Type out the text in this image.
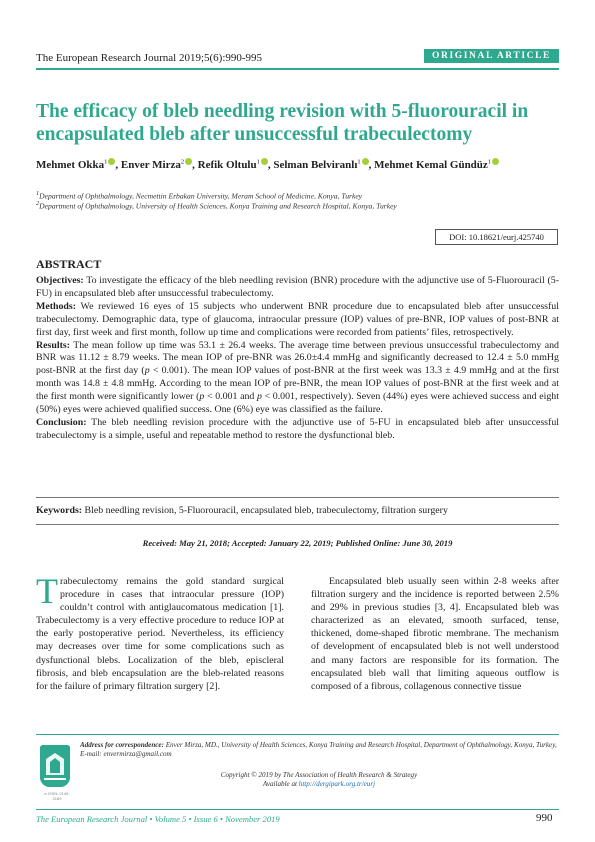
The European Research Journal 2019;5(6):990-995	ORIGINAL ARTICLE
The efficacy of bleb needling revision with 5-fluorouracil in
encapsulated bleb after unsuccessful trabeculectomy
Mehmet Okka$^1$ , Enver Mirza$^2$ , Refik Oltulu$^1$ , Selman Belviranlı$^1$ , Mehmet Kemal Gündüz$^1$
$^1$Department of Ophthalmology, Necmettin Erbakan University, Meram School of Medicine, Konya, Turkey
$^2$Department of Ophthalmology, University of Health Sciences, Konya Training and Research Hospital, Konya, Turkey
DOI: 10.18621/eurj.425740
ABSTRACT

Objectives: To investigate the efficacy of the bleb needling revision (BNR) procedure with the adjunctive use of 5-Fluorouracil (5-FU) in encapsulated bleb after unsuccessful trabeculectomy.

Methods: We reviewed 16 eyes of 15 subjects who underwent BNR procedure due to encapsulated bleb after unsuccessful trabeculectomy. Demographic data, type of glaucoma, intraocular pressure (IOP) values of pre-BNR, IOP values of post-BNR at first day, first week and first month, follow up time and complications were recorded from patients’ files, retrospectively.

Results: The mean follow up time was 53.1 ± 26.4 weeks. The average time between previous unsuccessful trabeculectomy and BNR was 11.12 ± 8.79 weeks. The mean IOP of pre-BNR was 26.0±4.4 mmHg and significantly decreased to 12.4 ± 5.0 mmHg post-BNR at the first day (p < 0.001). The mean IOP values of post-BNR at the first week was 13.3 ± 4.9 mmHg and at the first month was 14.8 ± 4.8 mmHg. According to the mean IOP of pre-BNR, the mean IOP values of post-BNR at the first week and at the first month were significantly lower (p < 0.001 and p < 0.001, respectively). Seven (44%) eyes were achieved success and eight (50%) eyes were achieved qualified success. One (6%) eye was classified as the failure.

Conclusion: The bleb needling revision procedure with the adjunctive use of 5-FU in encapsulated bleb after unsuccessful trabeculectomy is a simple, useful and repeatable method to restore the dysfunctional bleb.

Keywords: Bleb needling revision, 5-Fluorouracil, encapsulated bleb, trabeculectomy, filtration surgery
Received: May 21, 2018; Accepted: January 22, 2019; Published Online: June 30, 2019
Trabeculectomy remains the gold standard surgical procedure in cases that intraocular pressure (IOP) couldn’t control with antiglaucomatous medication [1]. Trabeculectomy is a very effective procedure to reduce IOP at the early postoperative period. Nevertheless, its efficiency may decreases over time for some complications such as dysfunctional blebs. Localization of the bleb, episcleral fibrosis, and bleb encapsulation are the bleb-related reasons for the failure of primary filtration surgery [2].
Encapsulated bleb usually seen within 2-8 weeks after filtration surgery and the incidence is reported between 2.5% and 29% in previous studies [3, 4]. Encapsulated bleb was characterized as an elevated, smooth surfaced, tense, thickened, dome-shaped fibrotic membrane. The mechanism of development of encapsulated bleb is not well understood and many factors are responsible for its formation. The encapsulated bleb wall that limiting aqueous outflow is composed of a fibrous, collagenous connective tissue
e-ISSN: 2149-3189
Address for correspondence: Enver Mirza, MD., University of Health Sciences, Konya Training and Research Hospital, Department of Ophthalmology, Konya, Turkey, E-mail: envermirza@gmail.com
Copyright © 2019 by The Association of Health Research & Strategy
Available at http://dergipark.org.tr/eurj
The European Research Journal • Volume 5 • Issue 6 • November 2019	990
